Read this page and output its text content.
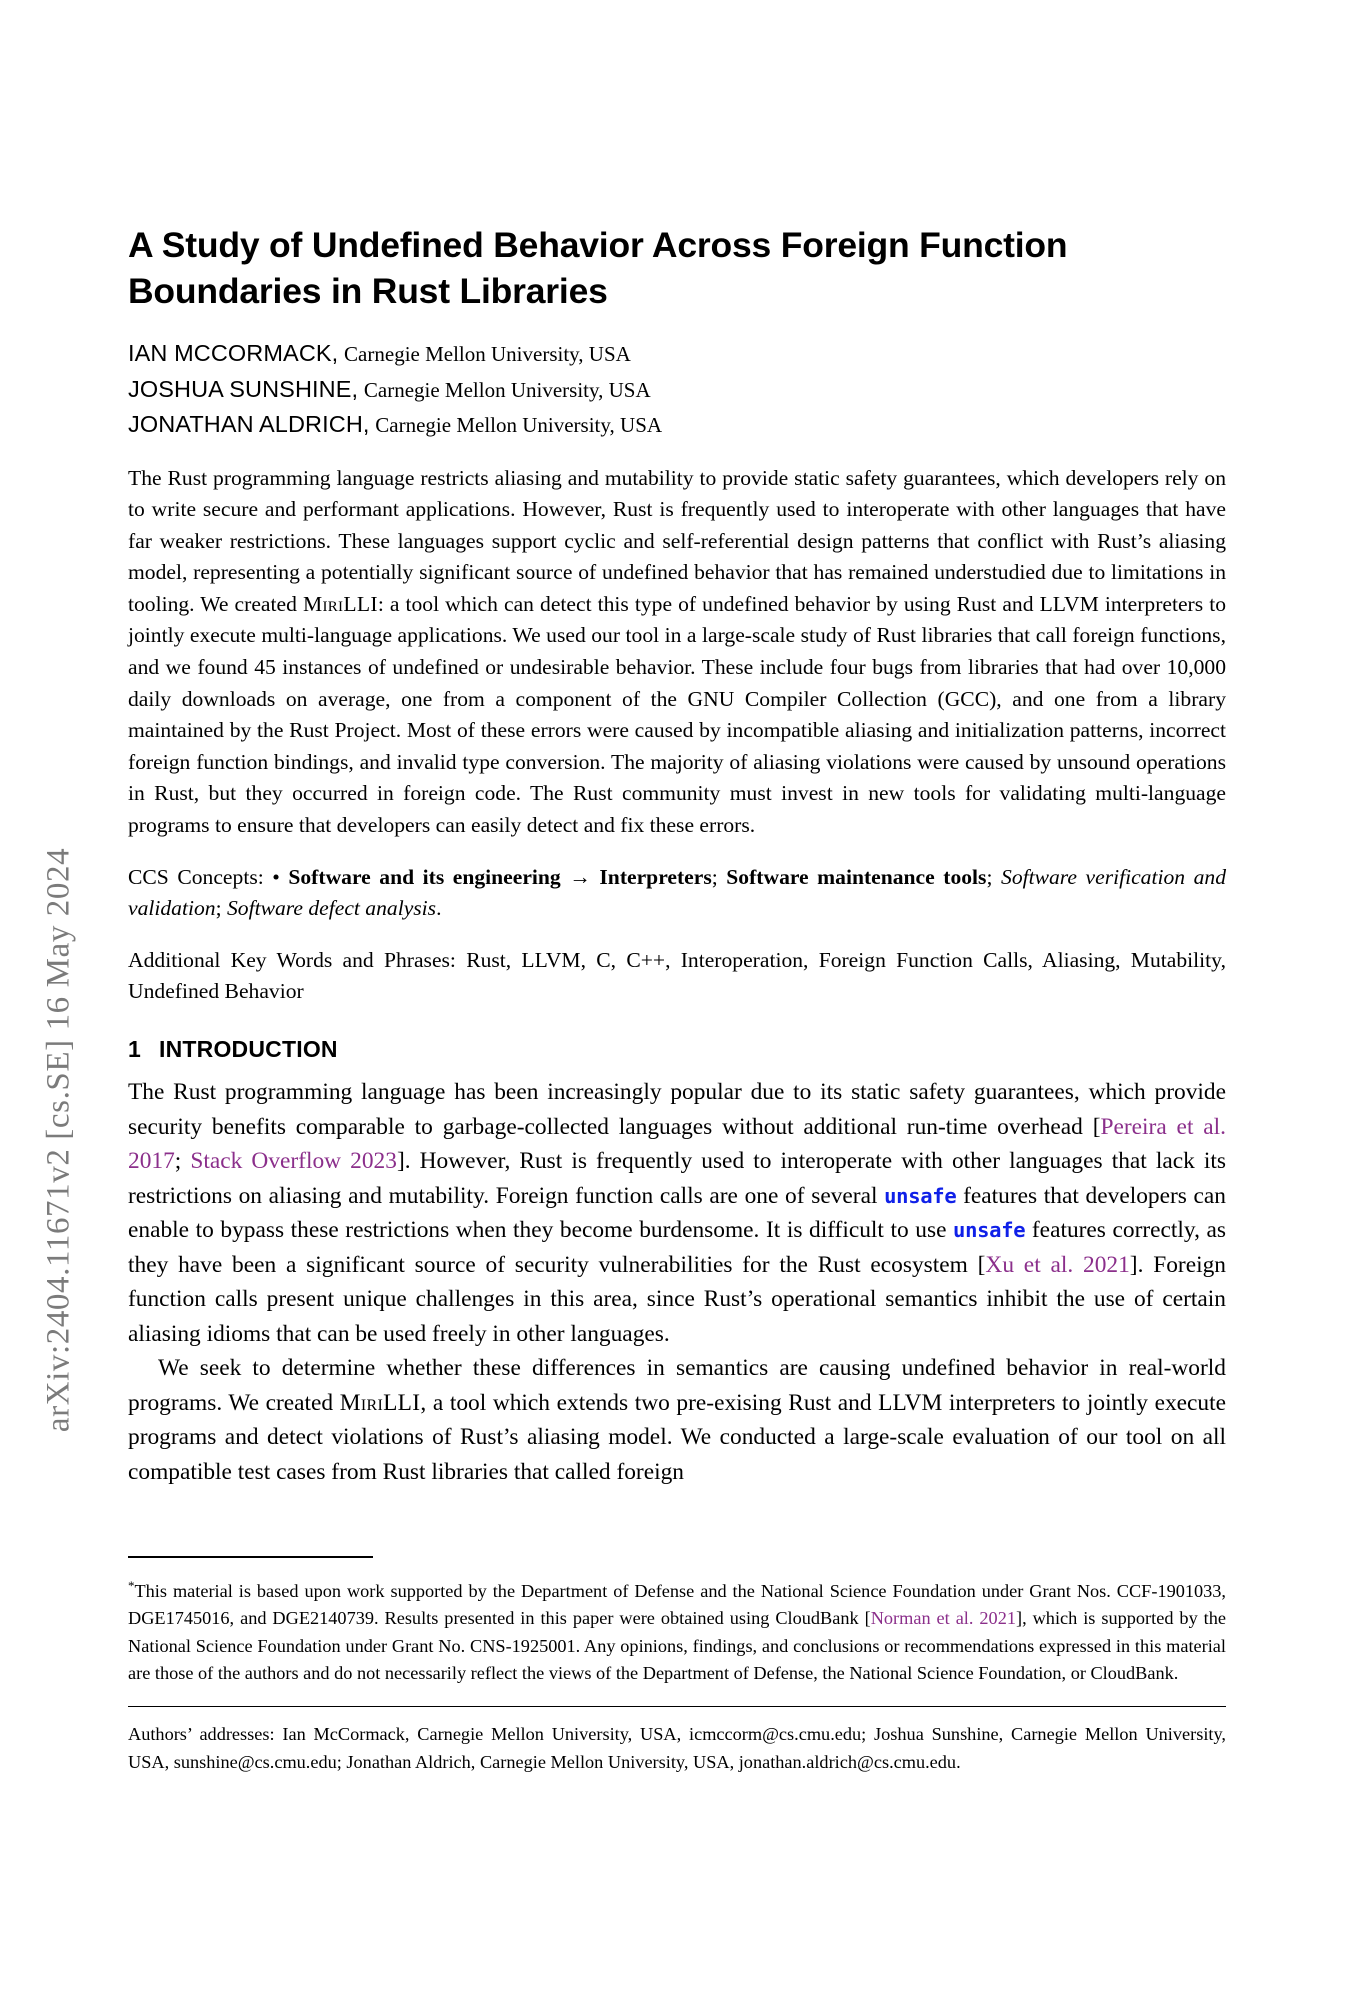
arXiv:2404.11671v2 [cs.SE] 16 May 2024
A Study of Undefined Behavior Across Foreign Function Boundaries in Rust Libraries
IAN MCCORMACK, Carnegie Mellon University, USA
JOSHUA SUNSHINE, Carnegie Mellon University, USA
JONATHAN ALDRICH, Carnegie Mellon University, USA
The Rust programming language restricts aliasing and mutability to provide static safety guarantees, which developers rely on to write secure and performant applications. However, Rust is frequently used to interoperate with other languages that have far weaker restrictions. These languages support cyclic and self-referential design patterns that conflict with Rust’s aliasing model, representing a potentially significant source of undefined behavior that has remained understudied due to limitations in tooling. We created MiriLLI: a tool which can detect this type of undefined behavior by using Rust and LLVM interpreters to jointly execute multi-language applications. We used our tool in a large-scale study of Rust libraries that call foreign functions, and we found 45 instances of undefined or undesirable behavior. These include four bugs from libraries that had over 10,000 daily downloads on average, one from a component of the GNU Compiler Collection (GCC), and one from a library maintained by the Rust Project. Most of these errors were caused by incompatible aliasing and initialization patterns, incorrect foreign function bindings, and invalid type conversion. The majority of aliasing violations were caused by unsound operations in Rust, but they occurred in foreign code. The Rust community must invest in new tools for validating multi-language programs to ensure that developers can easily detect and fix these errors.
CCS Concepts: • Software and its engineering → Interpreters; Software maintenance tools; Software verification and validation; Software defect analysis.
Additional Key Words and Phrases: Rust, LLVM, C, C++, Interoperation, Foreign Function Calls, Aliasing, Mutability, Undefined Behavior
1 INTRODUCTION
The Rust programming language has been increasingly popular due to its static safety guarantees, which provide security benefits comparable to garbage-collected languages without additional run-time overhead [Pereira et al. 2017; Stack Overflow 2023]. However, Rust is frequently used to interoperate with other languages that lack its restrictions on aliasing and mutability. Foreign function calls are one of several unsafe features that developers can enable to bypass these restrictions when they become burdensome. It is difficult to use unsafe features correctly, as they have been a significant source of security vulnerabilities for the Rust ecosystem [Xu et al. 2021]. Foreign function calls present unique challenges in this area, since Rust’s operational semantics inhibit the use of certain aliasing idioms that can be used freely in other languages.
We seek to determine whether these differences in semantics are causing undefined behavior in real-world programs. We created MiriLLI, a tool which extends two pre-exising Rust and LLVM interpreters to jointly execute programs and detect violations of Rust’s aliasing model. We conducted a large-scale evaluation of our tool on all compatible test cases from Rust libraries that called foreign
*This material is based upon work supported by the Department of Defense and the National Science Foundation under Grant Nos. CCF-1901033, DGE1745016, and DGE2140739. Results presented in this paper were obtained using CloudBank [Norman et al. 2021], which is supported by the National Science Foundation under Grant No. CNS-1925001. Any opinions, findings, and conclusions or recommendations expressed in this material are those of the authors and do not necessarily reflect the views of the Department of Defense, the National Science Foundation, or CloudBank.
Authors’ addresses: Ian McCormack, Carnegie Mellon University, USA, icmccorm@cs.cmu.edu; Joshua Sunshine, Carnegie Mellon University, USA, sunshine@cs.cmu.edu; Jonathan Aldrich, Carnegie Mellon University, USA, jonathan.aldrich@cs.cmu.edu.
